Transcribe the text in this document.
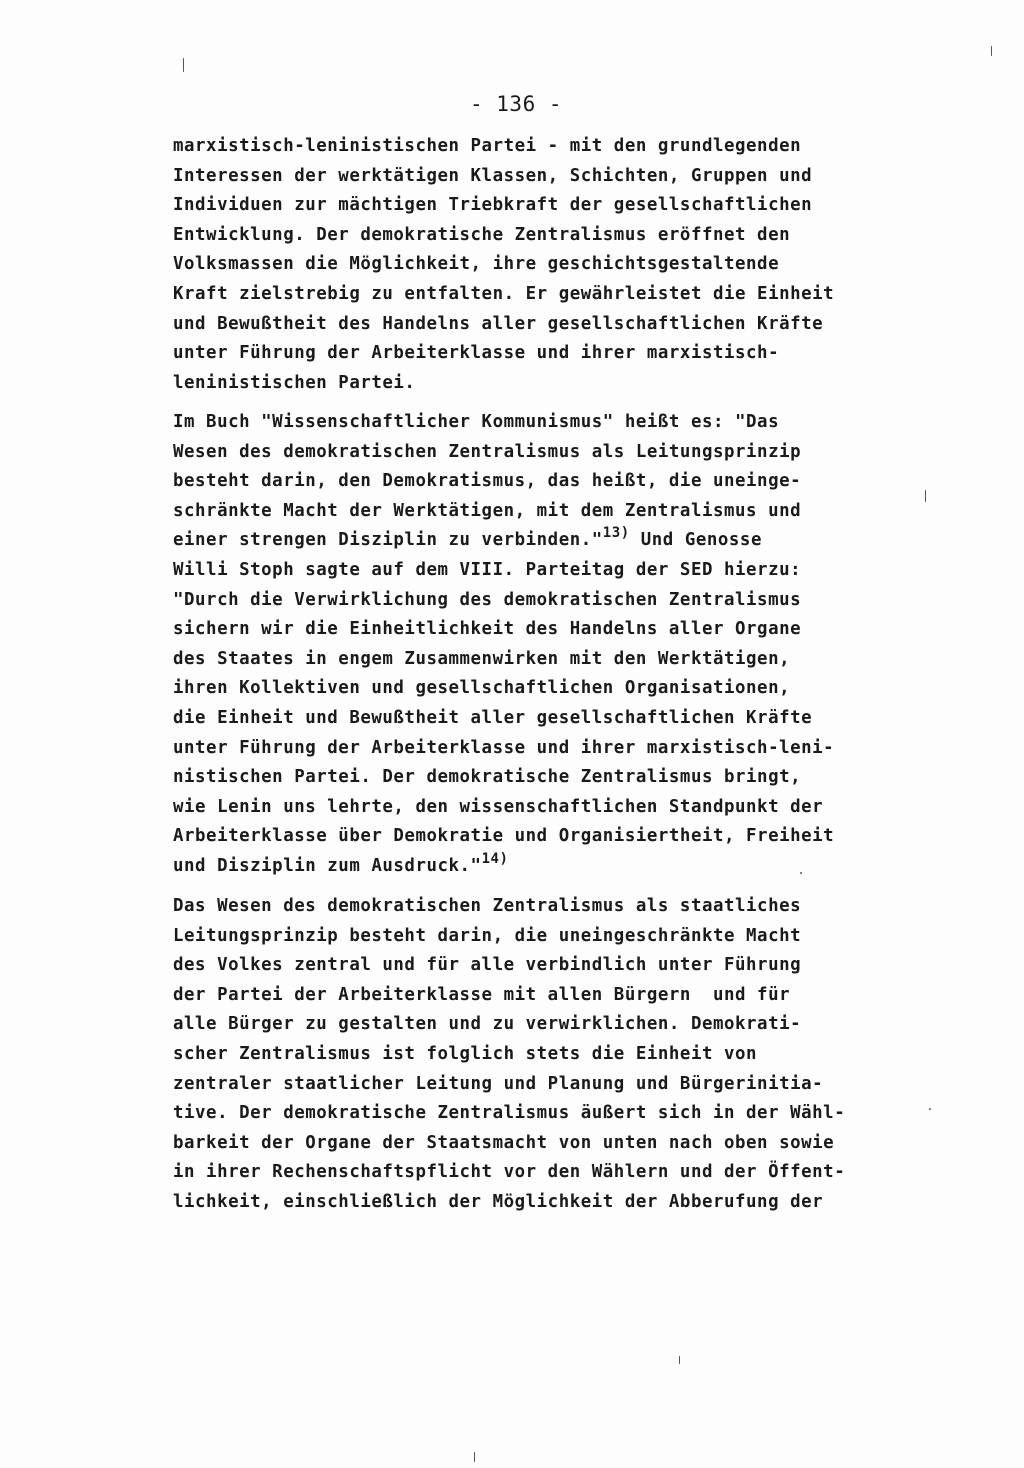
- 136 -
marxistisch-leninistischen Partei - mit den grundlegenden
Interessen der werktätigen Klassen, Schichten, Gruppen und
Individuen zur mächtigen Triebkraft der gesellschaftlichen
Entwicklung. Der demokratische Zentralismus eröffnet den
Volksmassen die Möglichkeit, ihre geschichtsgestaltende
Kraft zielstrebig zu entfalten. Er gewährleistet die Einheit
und Bewußtheit des Handelns aller gesellschaftlichen Kräfte
unter Führung der Arbeiterklasse und ihrer marxistisch-
leninistischen Partei.
Im Buch "Wissenschaftlicher Kommunismus" heißt es: "Das
Wesen des demokratischen Zentralismus als Leitungsprinzip
besteht darin, den Demokratismus, das heißt, die uneinge-
schränkte Macht der Werktätigen, mit dem Zentralismus und
einer strengen Disziplin zu verbinden."$^{13)}$ Und Genosse
Willi Stoph sagte auf dem VIII. Parteitag der SED hierzu:
"Durch die Verwirklichung des demokratischen Zentralismus
sichern wir die Einheitlichkeit des Handelns aller Organe
des Staates in engem Zusammenwirken mit den Werktätigen,
ihren Kollektiven und gesellschaftlichen Organisationen,
die Einheit und Bewußtheit aller gesellschaftlichen Kräfte
unter Führung der Arbeiterklasse und ihrer marxistisch-leni-
nistischen Partei. Der demokratische Zentralismus bringt,
wie Lenin uns lehrte, den wissenschaftlichen Standpunkt der
Arbeiterklasse über Demokratie und Organisiertheit, Freiheit
und Disziplin zum Ausdruck."$^{14)}$
Das Wesen des demokratischen Zentralismus als staatliches
Leitungsprinzip besteht darin, die uneingeschränkte Macht
des Volkes zentral und für alle verbindlich unter Führung
der Partei der Arbeiterklasse mit allen Bürgern  und für
alle Bürger zu gestalten und zu verwirklichen. Demokrati-
scher Zentralismus ist folglich stets die Einheit von
zentraler staatlicher Leitung und Planung und Bürgerinitia-
tive. Der demokratische Zentralismus äußert sich in der Wähl-
barkeit der Organe der Staatsmacht von unten nach oben sowie
in ihrer Rechenschaftspflicht vor den Wählern und der Öffent-
lichkeit, einschließlich der Möglichkeit der Abberufung der
